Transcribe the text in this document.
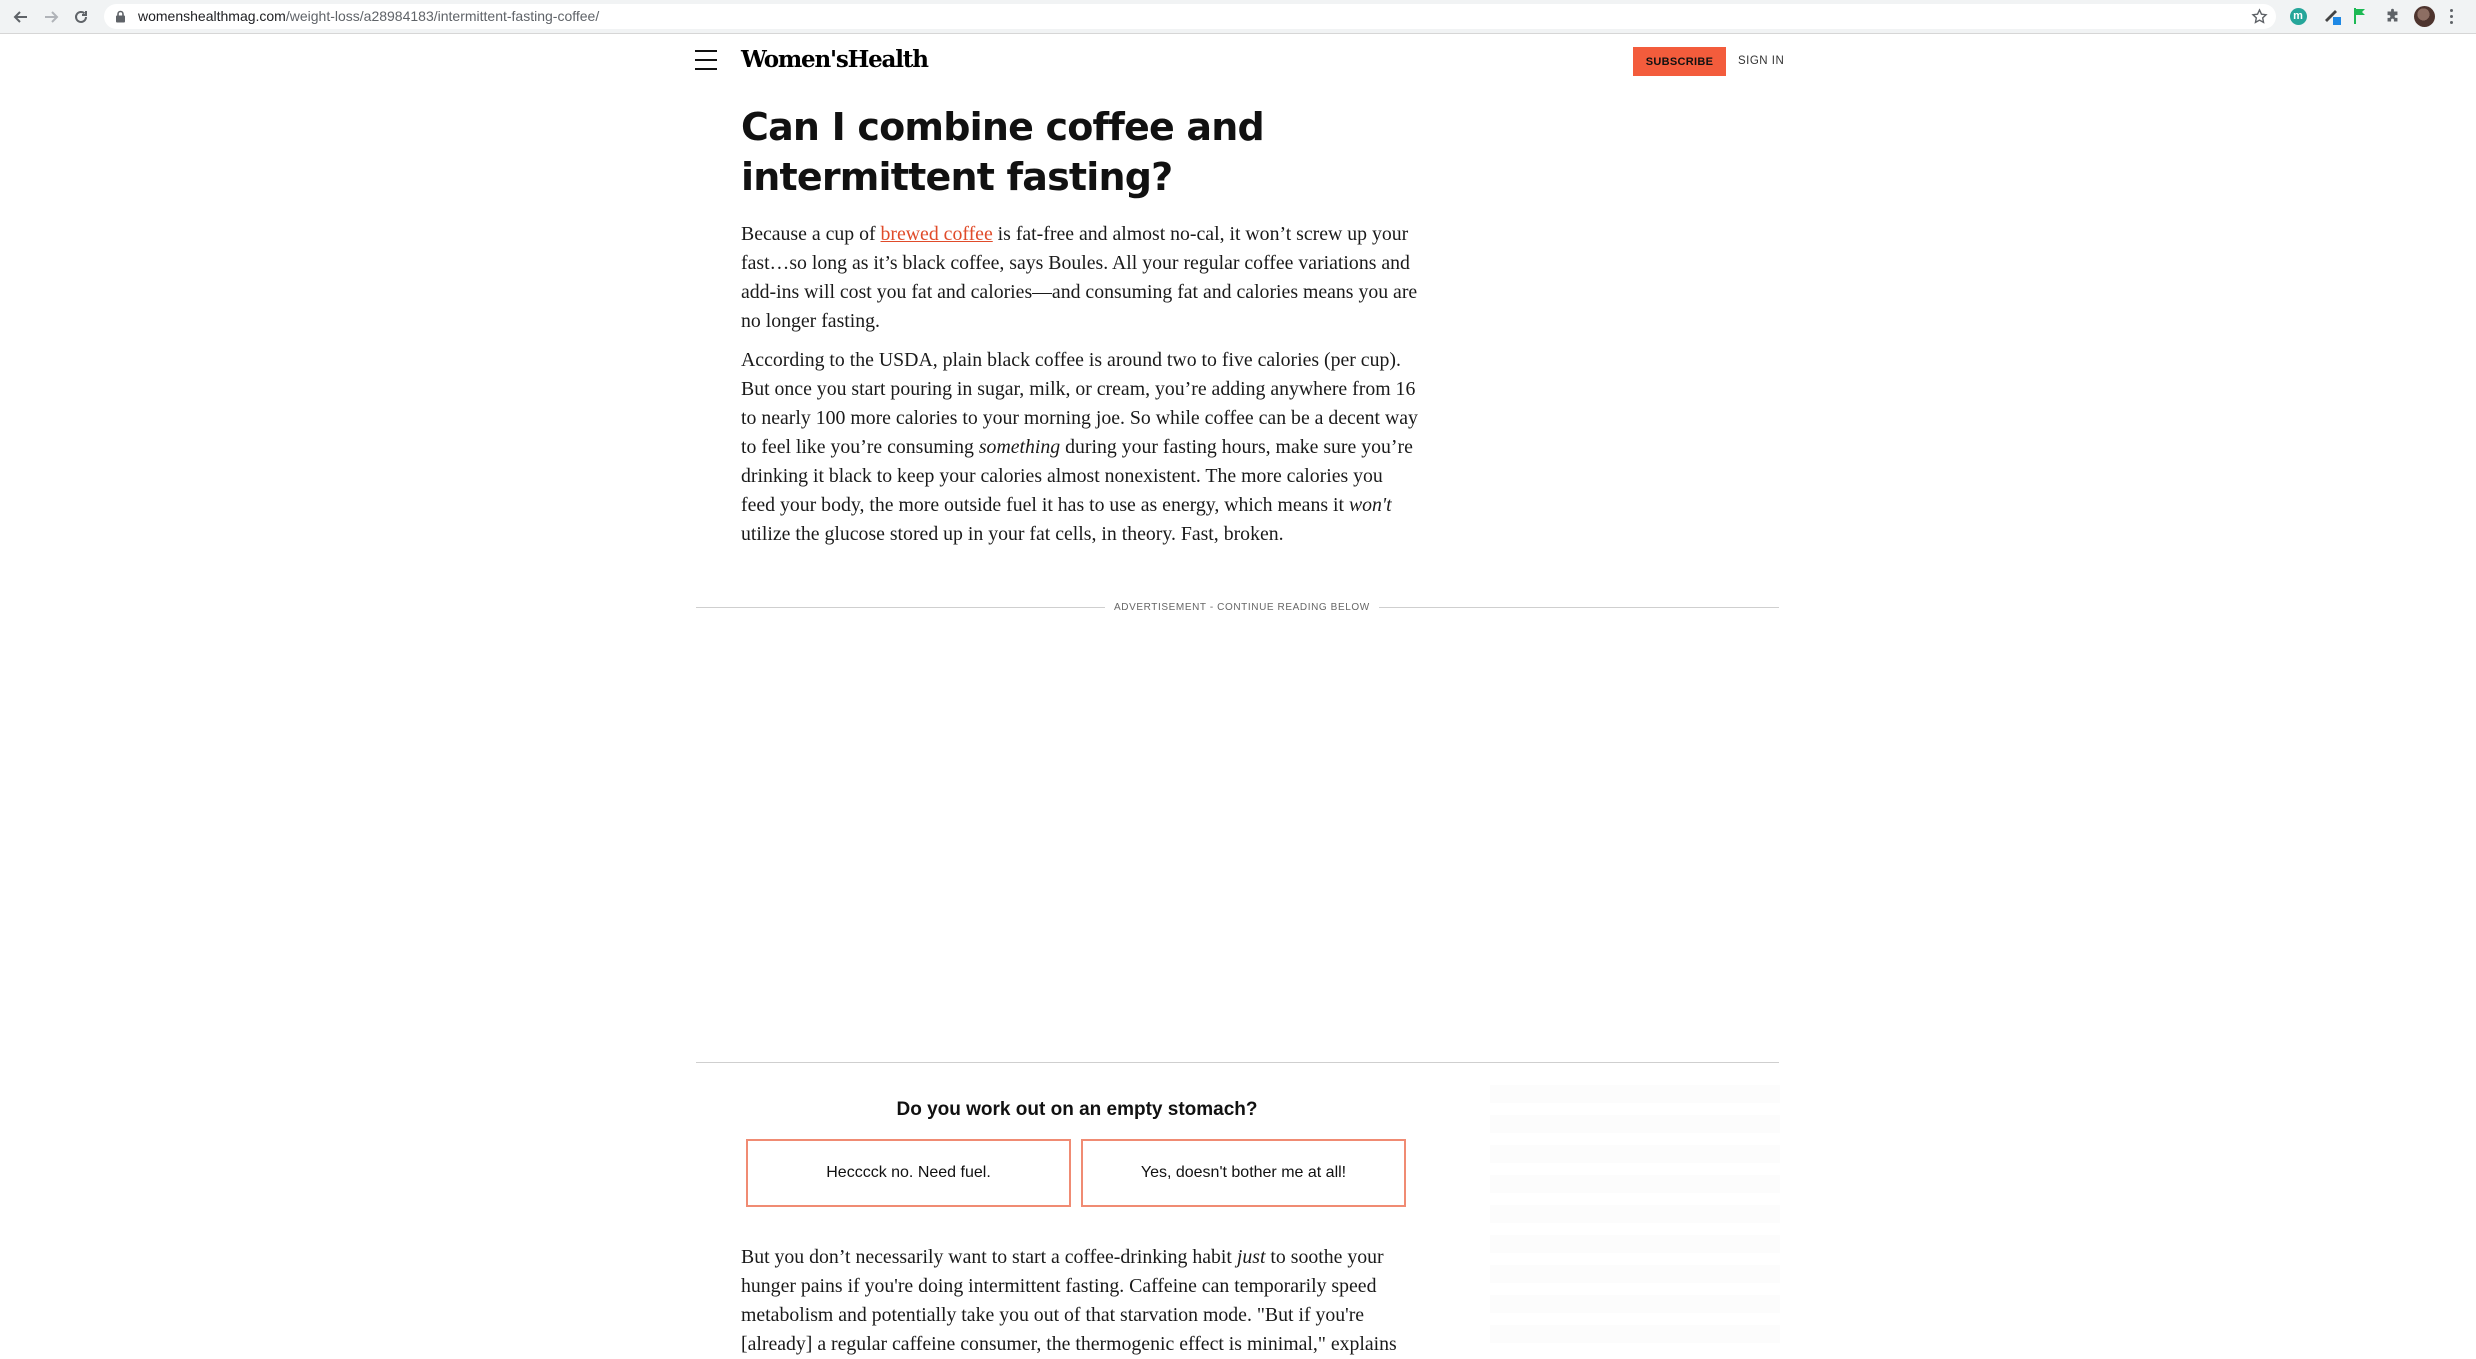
womenshealthmag.com/weight-loss/a28984183/intermittent-fasting-coffee/	m
Women'sHealth	SUBSCRIBE	SIGN IN
Can I combine coffee and intermittent fasting?

Because a cup of brewed coffee is fat-free and almost no-cal, it won’t screw up your fast…so long as it’s black coffee, says Boules. All your regular coffee variations and add-ins will cost you fat and calories—and consuming fat and calories means you are no longer fasting.

According to the USDA, plain black coffee is around two to five calories (per cup). But once you start pouring in sugar, milk, or cream, you’re adding anywhere from 16 to nearly 100 more calories to your morning joe. So while coffee can be a decent way to feel like you’re consuming something during your fasting hours, make sure you’re drinking it black to keep your calories almost nonexistent. The more calories you feed your body, the more outside fuel it has to use as energy, which means it won't utilize the glucose stored up in your fat cells, in theory. Fast, broken.

ADVERTISEMENT - CONTINUE READING BELOW
Do you work out on an empty stomach?
Hecccck no. Need fuel.	Yes, doesn't bother me at all!

But you don’t necessarily want to start a coffee-drinking habit just to soothe your hunger pains if you're doing intermittent fasting. Caffeine can temporarily speed metabolism and potentially take you out of that starvation mode. "But if you're [already] a regular caffeine consumer, the thermogenic effect is minimal," explains
